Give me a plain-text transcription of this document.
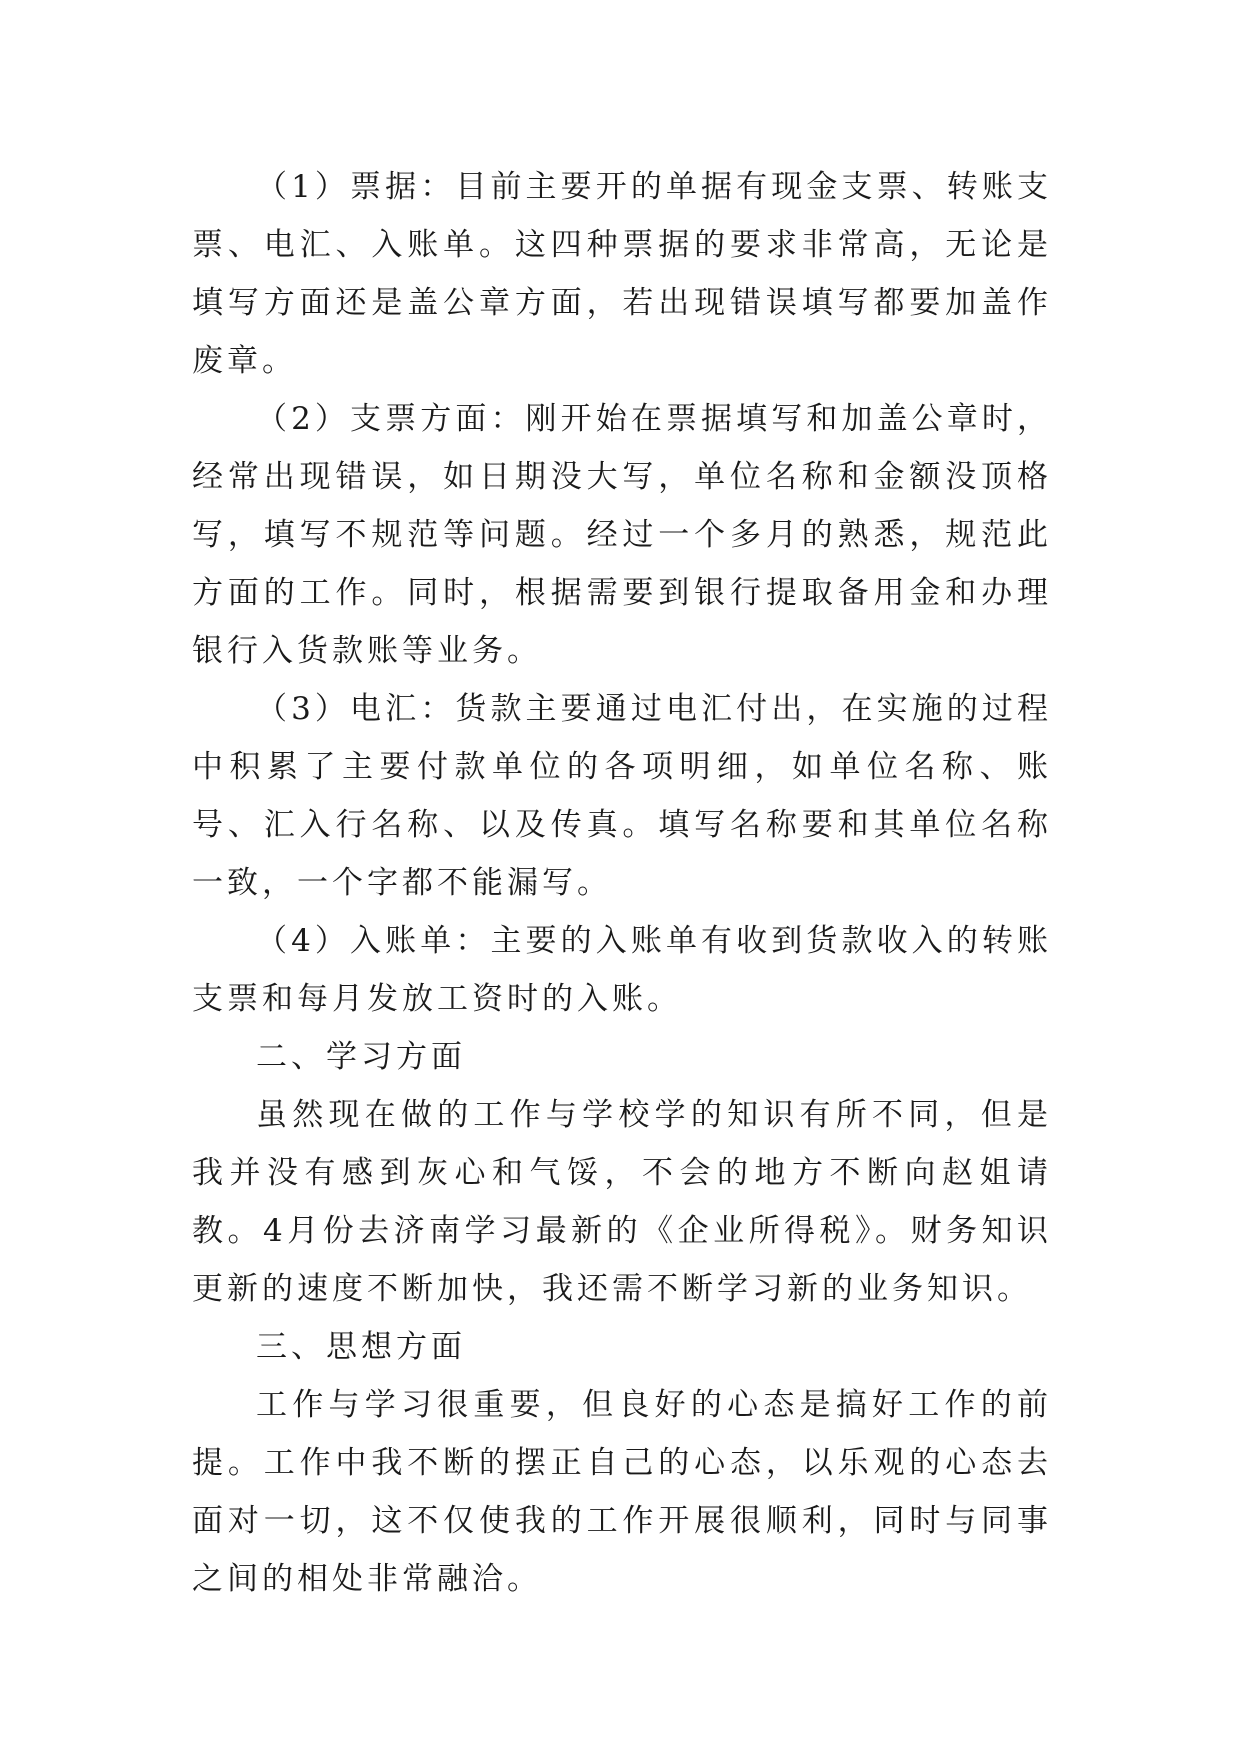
（1）票据：目前主要开的单据有现金支票、转账支票、电汇、入账单。这四种票据的要求非常高，无论是填写方面还是盖公章方面，若出现错误填写都要加盖作废章。

（2）支票方面：刚开始在票据填写和加盖公章时，经常出现错误，如日期没大写，单位名称和金额没顶格写，填写不规范等问题。经过一个多月的熟悉，规范此方面的工作。同时，根据需要到银行提取备用金和办理银行入货款账等业务。

（3）电汇：货款主要通过电汇付出，在实施的过程中积累了主要付款单位的各项明细，如单位名称、账号、汇入行名称、以及传真。填写名称要和其单位名称一致，一个字都不能漏写。

（4）入账单：主要的入账单有收到货款收入的转账支票和每月发放工资时的入账。

二、学习方面

虽然现在做的工作与学校学的知识有所不同，但是我并没有感到灰心和气馁，不会的地方不断向赵姐请教。4月份去济南学习最新的《企业所得税》。财务知识更新的速度不断加快，我还需不断学习新的业务知识。

三、思想方面

工作与学习很重要，但良好的心态是搞好工作的前提。工作中我不断的摆正自己的心态，以乐观的心态去面对一切，这不仅使我的工作开展很顺利，同时与同事之间的相处非常融洽。
